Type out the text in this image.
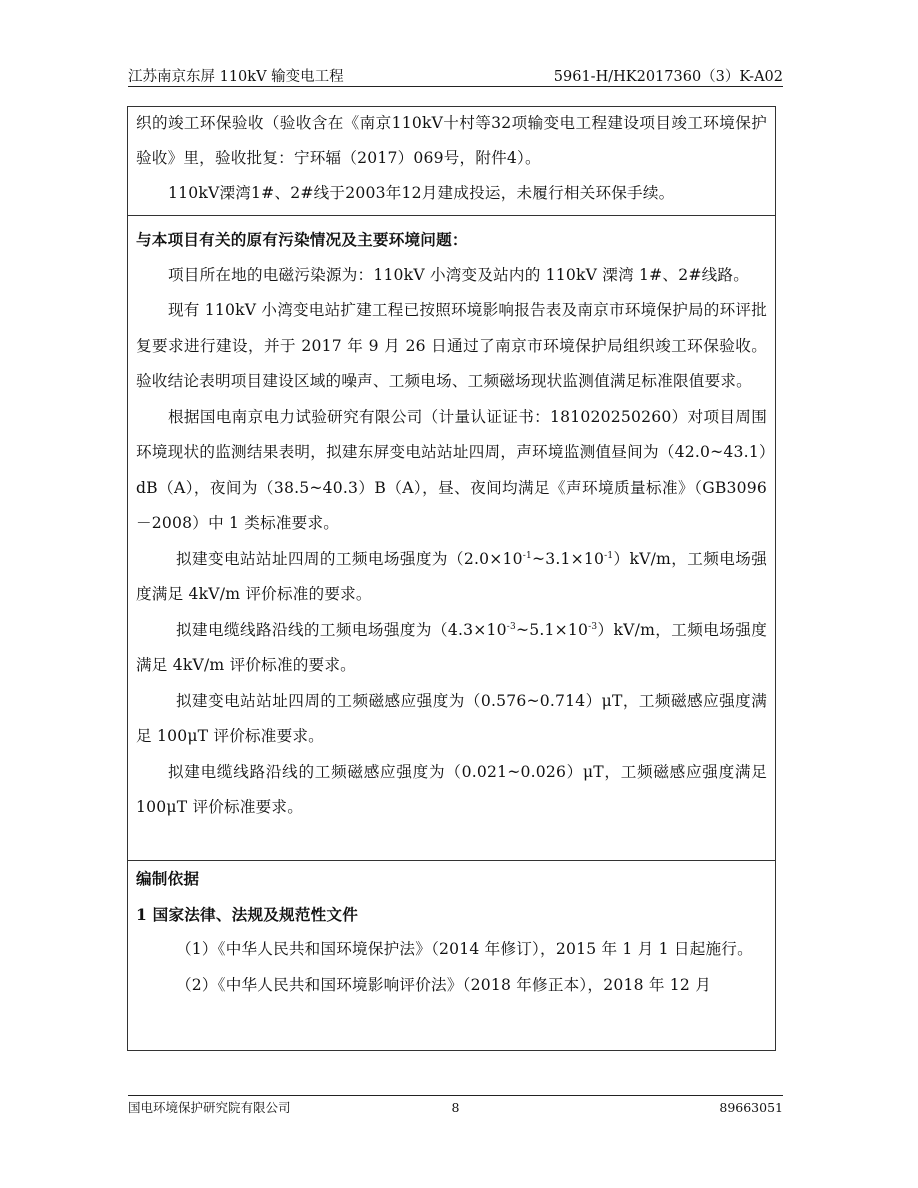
江苏南京东屏 110kV 输变电工程	5961-H/HK2017360（3）K-A02

织的竣工环保验收（验收含在《南京110kV十村等32项输变电工程建设项目竣工环境保护验收》里，验收批复：宁环辐（2017）069号，附件4）。

110kV溧湾1#、2#线于2003年12月建成投运，未履行相关环保手续。

与本项目有关的原有污染情况及主要环境问题：

项目所在地的电磁污染源为：110kV 小湾变及站内的 110kV 溧湾 1#、2#线路。

现有 110kV 小湾变电站扩建工程已按照环境影响报告表及南京市环境保护局的环评批复要求进行建设，并于 2017 年 9 月 26 日通过了南京市环境保护局组织竣工环保验收。验收结论表明项目建设区域的噪声、工频电场、工频磁场现状监测值满足标准限值要求。

根据国电南京电力试验研究有限公司（计量认证证书：181020250260）对项目周围环境现状的监测结果表明，拟建东屏变电站站址四周，声环境监测值昼间为（42.0~43.1）dB（A），夜间为（38.5~40.3）B（A），昼、夜间均满足《声环境质量标准》（GB3096－2008）中 1 类标准要求。

拟建变电站站址四周的工频电场强度为$(2.0\times 10^{-1}\sim 3.1\times 10^{-1})kV/m$，工频电场强度满足 4kV/m 评价标准的要求。

拟建电缆线路沿线的工频电场强度为$(4.3\times 10^{-3}\sim 5.1\times 10^{-3})kV/m$，工频电场强度满足 4kV/m 评价标准的要求。

拟建变电站站址四周的工频磁感应强度为（0.576~0.714）μT，工频磁感应强度满足 100μT 评价标准要求。

拟建电缆线路沿线的工频磁感应强度为（0.021~0.026）μT，工频磁感应强度满足 100μT 评价标准要求。

编制依据

1 国家法律、法规及规范性文件

（1）《中华人民共和国环境保护法》（2014 年修订），2015 年 1 月 1 日起施行。

（2）《中华人民共和国环境影响评价法》（2018 年修正本），2018 年 12 月

国电环境保护研究院有限公司	8	89663051
